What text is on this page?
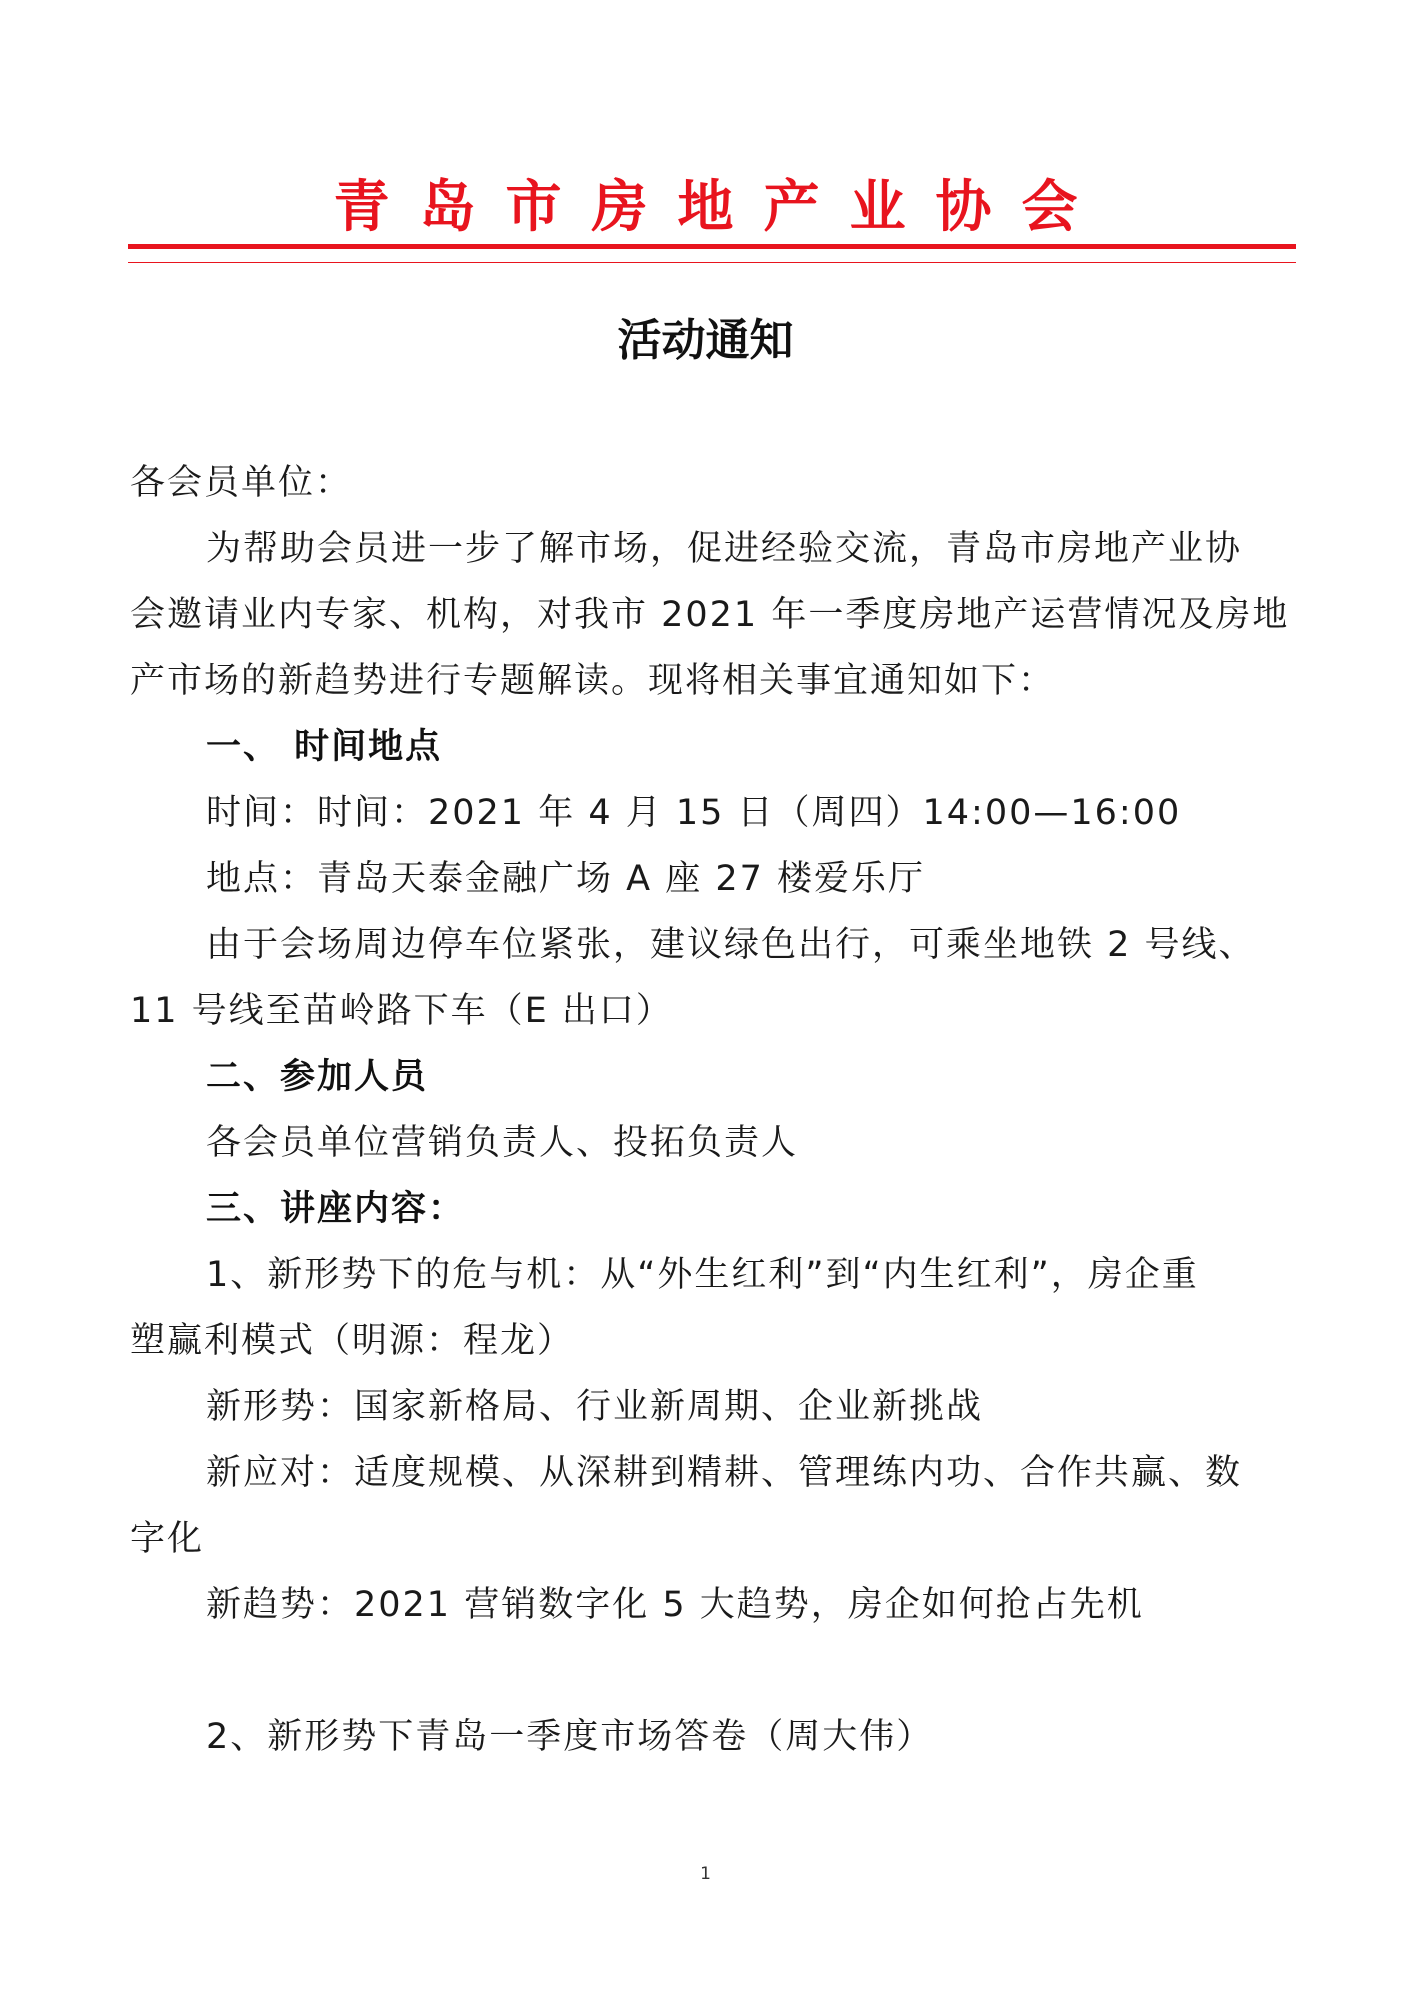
青岛市房地产业协会
活动通知
各会员单位：
为帮助会员进一步了解市场，促进经验交流，青岛市房地产业协
会邀请业内专家、机构，对我市 2021 年一季度房地产运营情况及房地
产市场的新趋势进行专题解读。现将相关事宜通知如下：
一、 时间地点
时间：时间：2021 年 4 月 15 日（周四）14:00—16:00
地点：青岛天泰金融广场 A 座 27 楼爱乐厅
由于会场周边停车位紧张，建议绿色出行，可乘坐地铁 2 号线、
11 号线至苗岭路下车（E 出口）
二、参加人员
各会员单位营销负责人、投拓负责人
三、讲座内容：
1、新形势下的危与机：从“外生红利”到“内生红利”，房企重
塑赢利模式（明源：程龙）
新形势：国家新格局、行业新周期、企业新挑战
新应对：适度规模、从深耕到精耕、管理练内功、合作共赢、数
字化
新趋势：2021 营销数字化 5 大趋势，房企如何抢占先机
2、新形势下青岛一季度市场答卷（周大伟）
1
